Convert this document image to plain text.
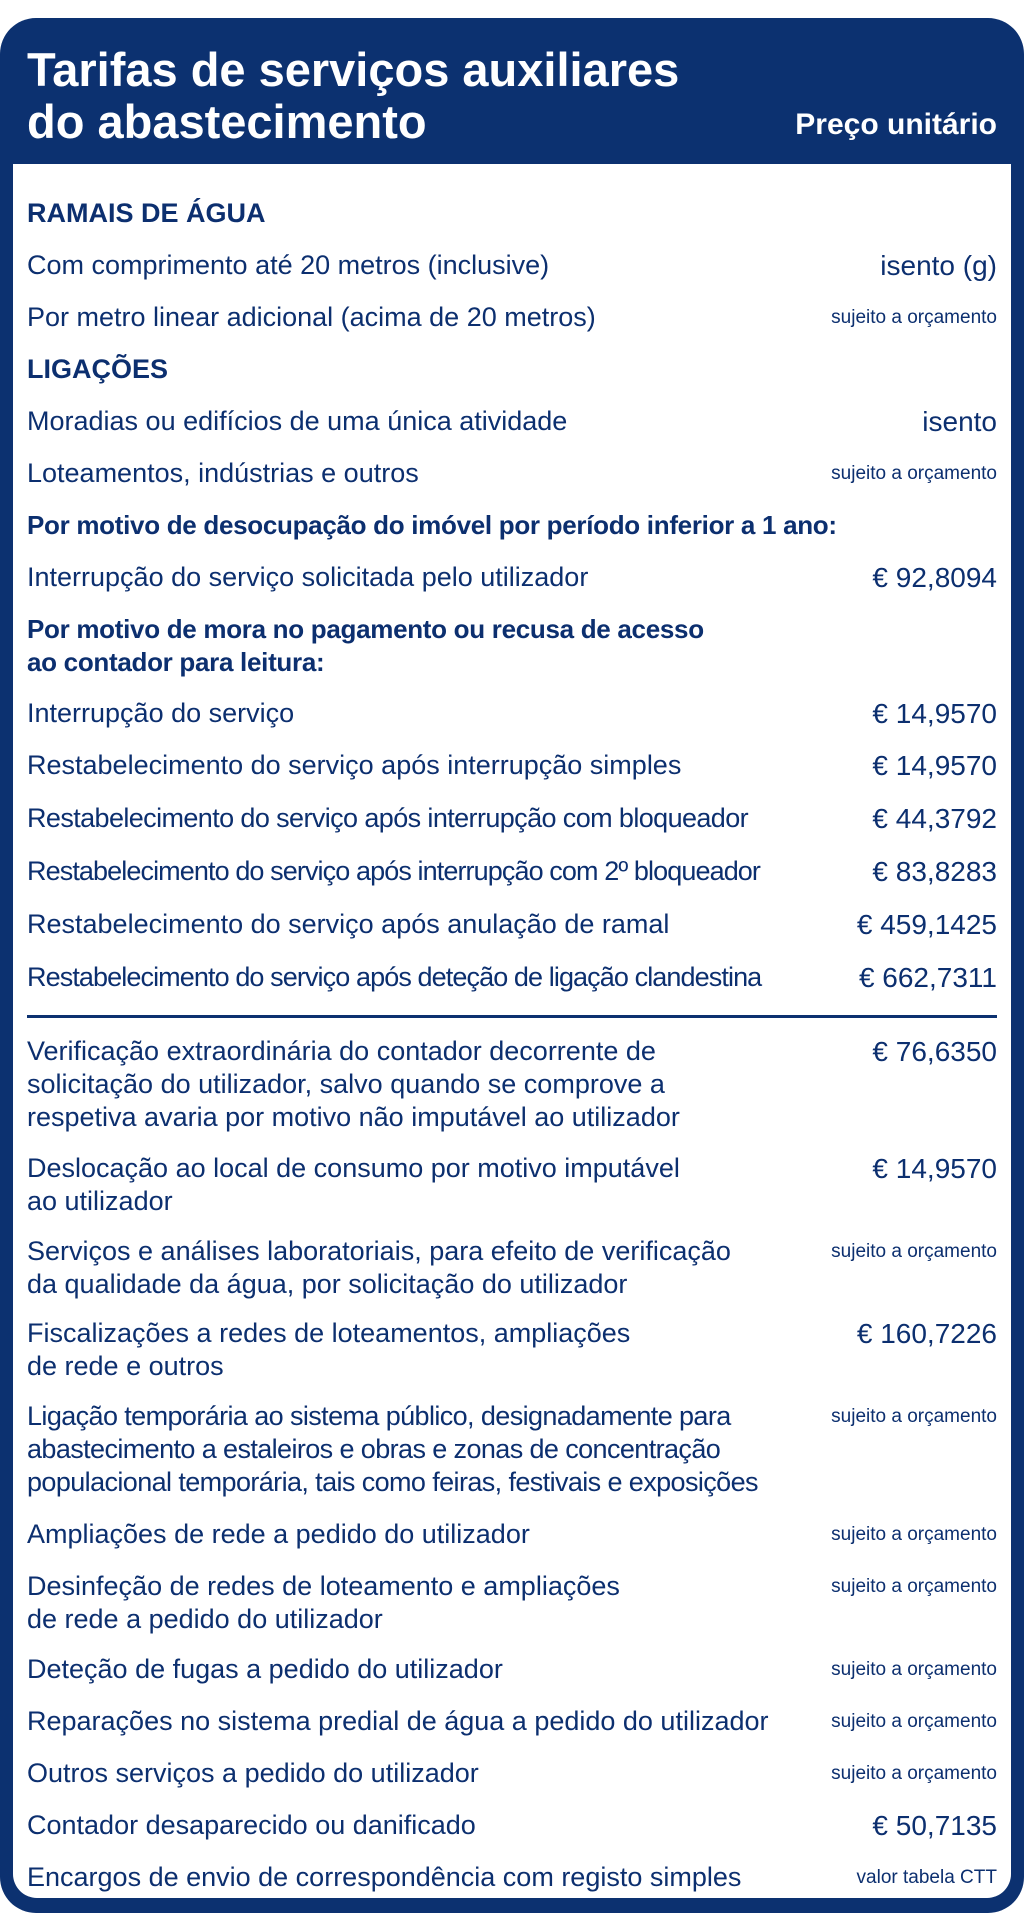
Tarifas de serviços auxiliares
do abastecimento	Preço unitário
RAMAIS DE ÁGUA
Com comprimento até 20 metros (inclusive)	isento (g)
Por metro linear adicional (acima de 20 metros)	sujeito a orçamento
LIGAÇÕES
Moradias ou edifícios de uma única atividade	isento
Loteamentos, indústrias e outros	sujeito a orçamento
Por motivo de desocupação do imóvel por período inferior a 1 ano:
Interrupção do serviço solicitada pelo utilizador	€ 92,8094
Por motivo de mora no pagamento ou recusa de acesso
ao contador para leitura:
Interrupção do serviço	€ 14,9570
Restabelecimento do serviço após interrupção simples	€ 14,9570
Restabelecimento do serviço após interrupção com bloqueador	€ 44,3792
Restabelecimento do serviço após interrupção com 2º bloqueador	€ 83,8283
Restabelecimento do serviço após anulação de ramal	€ 459,1425
Restabelecimento do serviço após deteção de ligação clandestina	€ 662,7311
Verificação extraordinária do contador decorrente de
solicitação do utilizador, salvo quando se comprove a
respetiva avaria por motivo não imputável ao utilizador
€ 76,6350
Deslocação ao local de consumo por motivo imputável
ao utilizador
€ 14,9570
Serviços e análises laboratoriais, para efeito de verificação
da qualidade da água, por solicitação do utilizador
sujeito a orçamento
Fiscalizações a redes de loteamentos, ampliações
de rede e outros
€ 160,7226
Ligação temporária ao sistema público, designadamente para
abastecimento a estaleiros e obras e zonas de concentração
populacional temporária, tais como feiras, festivais e exposições
sujeito a orçamento
Ampliações de rede a pedido do utilizador	sujeito a orçamento
Desinfeção de redes de loteamento e ampliações
de rede a pedido do utilizador
sujeito a orçamento
Deteção de fugas a pedido do utilizador	sujeito a orçamento
Reparações no sistema predial de água a pedido do utilizador	sujeito a orçamento
Outros serviços a pedido do utilizador	sujeito a orçamento
Contador desaparecido ou danificado	€ 50,7135
Encargos de envio de correspondência com registo simples	valor tabela CTT
